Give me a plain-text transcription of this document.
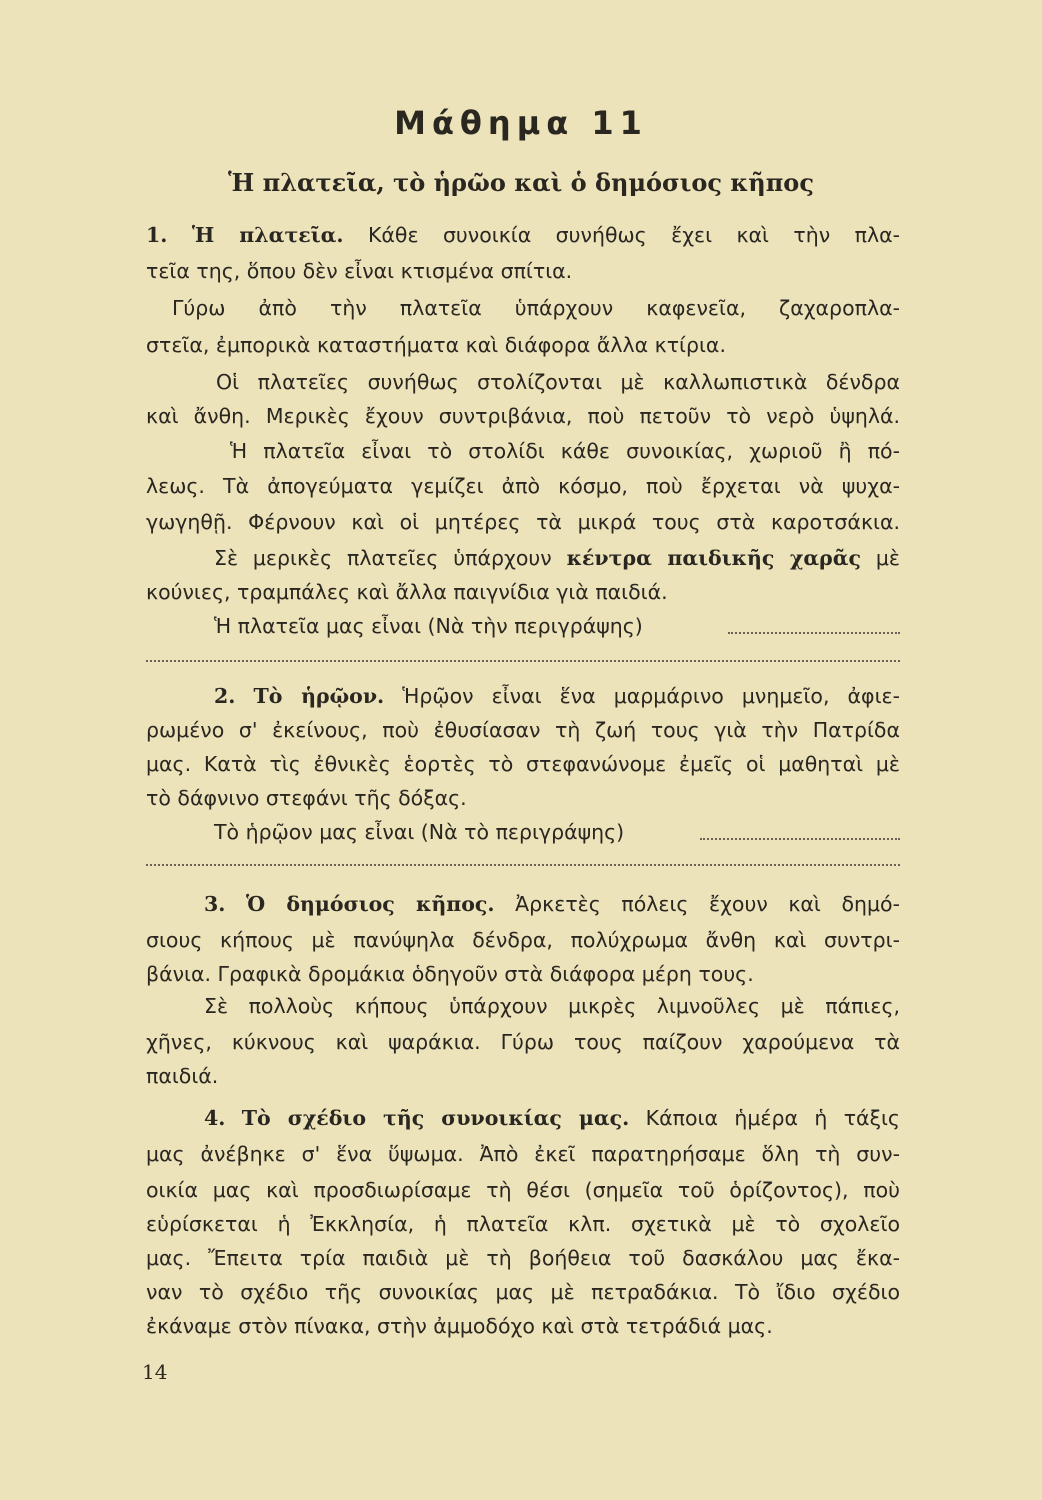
Μάθημα 11
Ἡ πλατεῖα, τὸ ἡρῶο καὶ ὁ δημόσιος κῆπος
1. Ἡ πλατεῖα. Κάθε συνοικία συνήθως ἔχει καὶ τὴν πλα-
τεῖα της, ὅπου δὲν εἶναι κτισμένα σπίτια.
Γύρω ἀπὸ τὴν πλατεῖα ὑπάρχουν καφενεῖα, ζαχαροπλα-
στεῖα, ἐμπορικὰ καταστήματα καὶ διάφορα ἄλλα κτίρια.
Οἱ πλατεῖες συνήθως στολίζονται μὲ καλλωπιστικὰ δένδρα
καὶ ἄνθη. Μερικὲς ἔχουν συντριβάνια, ποὺ πετοῦν τὸ νερὸ ὑψηλά.
Ἡ πλατεῖα εἶναι τὸ στολίδι κάθε συνοικίας, χωριοῦ ἢ πό-
λεως. Τὰ ἀπογεύματα γεμίζει ἀπὸ κόσμο, ποὺ ἔρχεται νὰ ψυχα-
γωγηθῇ. Φέρνουν καὶ οἱ μητέρες τὰ μικρά τους στὰ καροτσάκια.
Σὲ μερικὲς πλατεῖες ὑπάρχουν κέντρα παιδικῆς χαρᾶς μὲ
κούνιες, τραμπάλες καὶ ἄλλα παιγνίδια γιὰ παιδιά.
Ἡ πλατεῖα μας εἶναι (Νὰ τὴν περιγράψης)
2. Τὸ ἡρῷον. Ἡρῷον εἶναι ἕνα μαρμάρινο μνημεῖο, ἀφιε-
ρωμένο σ' ἐκείνους, ποὺ ἐθυσίασαν τὴ ζωή τους γιὰ τὴν Πατρίδα
μας. Κατὰ τὶς ἐθνικὲς ἑορτὲς τὸ στεφανώνομε ἐμεῖς οἱ μαθηταὶ μὲ
τὸ δάφνινο στεφάνι τῆς δόξας.
Τὸ ἡρῷον μας εἶναι (Νὰ τὸ περιγράψης)
3. Ὁ δημόσιος κῆπος. Ἀρκετὲς πόλεις ἔχουν καὶ δημό-
σιους κήπους μὲ πανύψηλα δένδρα, πολύχρωμα ἄνθη καὶ συντρι-
βάνια. Γραφικὰ δρομάκια ὁδηγοῦν στὰ διάφορα μέρη τους.
Σὲ πολλοὺς κήπους ὑπάρχουν μικρὲς λιμνοῦλες μὲ πάπιες,
χῆνες, κύκνους καὶ ψαράκια. Γύρω τους παίζουν χαρούμενα τὰ
παιδιά.
4. Τὸ σχέδιο τῆς συνοικίας μας. Κάποια ἡμέρα ἡ τάξις
μας ἀνέβηκε σ' ἕνα ὕψωμα. Ἀπὸ ἐκεῖ παρατηρήσαμε ὅλη τὴ συν-
οικία μας καὶ προσδιωρίσαμε τὴ θέσι (σημεῖα τοῦ ὁρίζοντος), ποὺ
εὑρίσκεται ἡ Ἐκκλησία, ἡ πλατεῖα κλπ. σχετικὰ μὲ τὸ σχολεῖο
μας. Ἔπειτα τρία παιδιὰ μὲ τὴ βοήθεια τοῦ δασκάλου μας ἔκα-
ναν τὸ σχέδιο τῆς συνοικίας μας μὲ πετραδάκια. Τὸ ἴδιο σχέδιο
ἐκάναμε στὸν πίνακα, στὴν ἀμμοδόχο καὶ στὰ τετράδιά μας.
14
